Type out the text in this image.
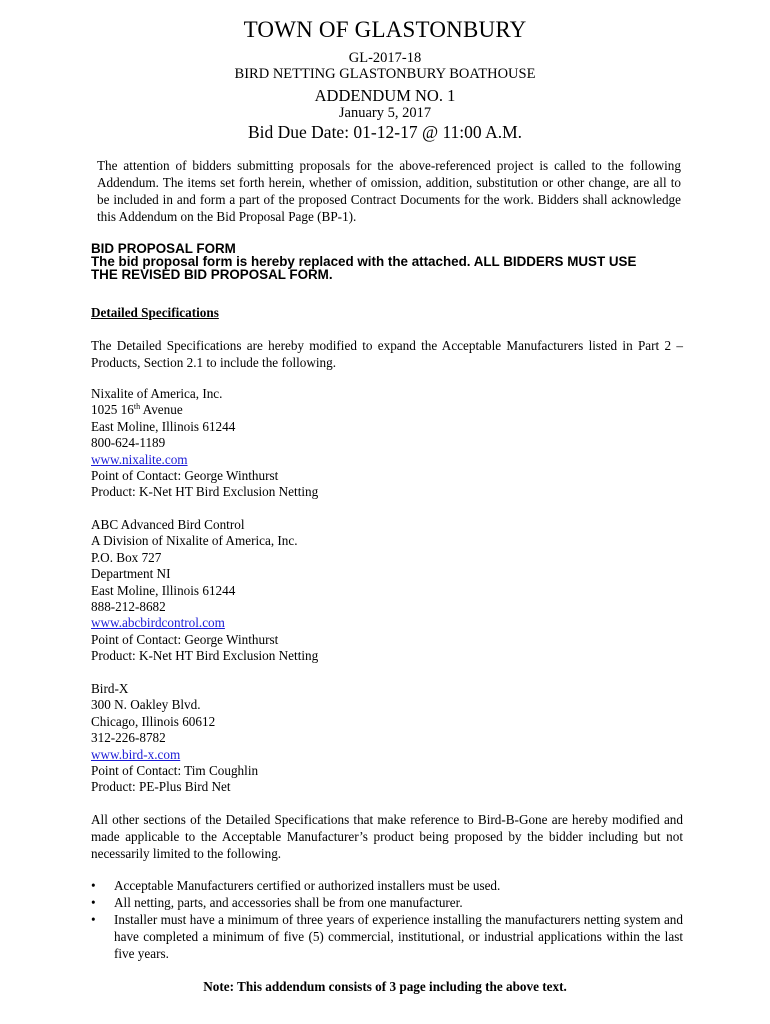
TOWN OF GLASTONBURY
GL-2017-18
BIRD NETTING GLASTONBURY BOATHOUSE
ADDENDUM NO. 1
January 5, 2017
Bid Due Date: 01-12-17 @ 11:00 A.M.
The attention of bidders submitting proposals for the above-referenced project is called to the following Addendum. The items set forth herein, whether of omission, addition, substitution or other change, are all to be included in and form a part of the proposed Contract Documents for the work. Bidders shall acknowledge this Addendum on the Bid Proposal Page (BP-1).
BID PROPOSAL FORM
The bid proposal form is hereby replaced with the attached. ALL BIDDERS MUST USE
THE REVISED BID PROPOSAL FORM.
Detailed Specifications
The Detailed Specifications are hereby modified to expand the Acceptable Manufacturers listed in Part 2 – Products, Section 2.1 to include the following.
Nixalite of America, Inc.
1025 16th Avenue
East Moline, Illinois 61244
800-624-1189
www.nixalite.com
Point of Contact: George Winthurst
Product: K-Net HT Bird Exclusion Netting
ABC Advanced Bird Control
A Division of Nixalite of America, Inc.
P.O. Box 727
Department NI
East Moline, Illinois 61244
888-212-8682
www.abcbirdcontrol.com
Point of Contact: George Winthurst
Product: K-Net HT Bird Exclusion Netting
Bird-X
300 N. Oakley Blvd.
Chicago, Illinois 60612
312-226-8782
www.bird-x.com
Point of Contact: Tim Coughlin
Product: PE-Plus Bird Net
All other sections of the Detailed Specifications that make reference to Bird-B-Gone are hereby modified and made applicable to the Acceptable Manufacturer’s product being proposed by the bidder including but not necessarily limited to the following.
• Acceptable Manufacturers certified or authorized installers must be used.
• All netting, parts, and accessories shall be from one manufacturer.
• Installer must have a minimum of three years of experience installing the manufacturers netting system and have completed a minimum of five (5) commercial, institutional, or industrial applications within the last five years.
Note: This addendum consists of 3 page including the above text.
